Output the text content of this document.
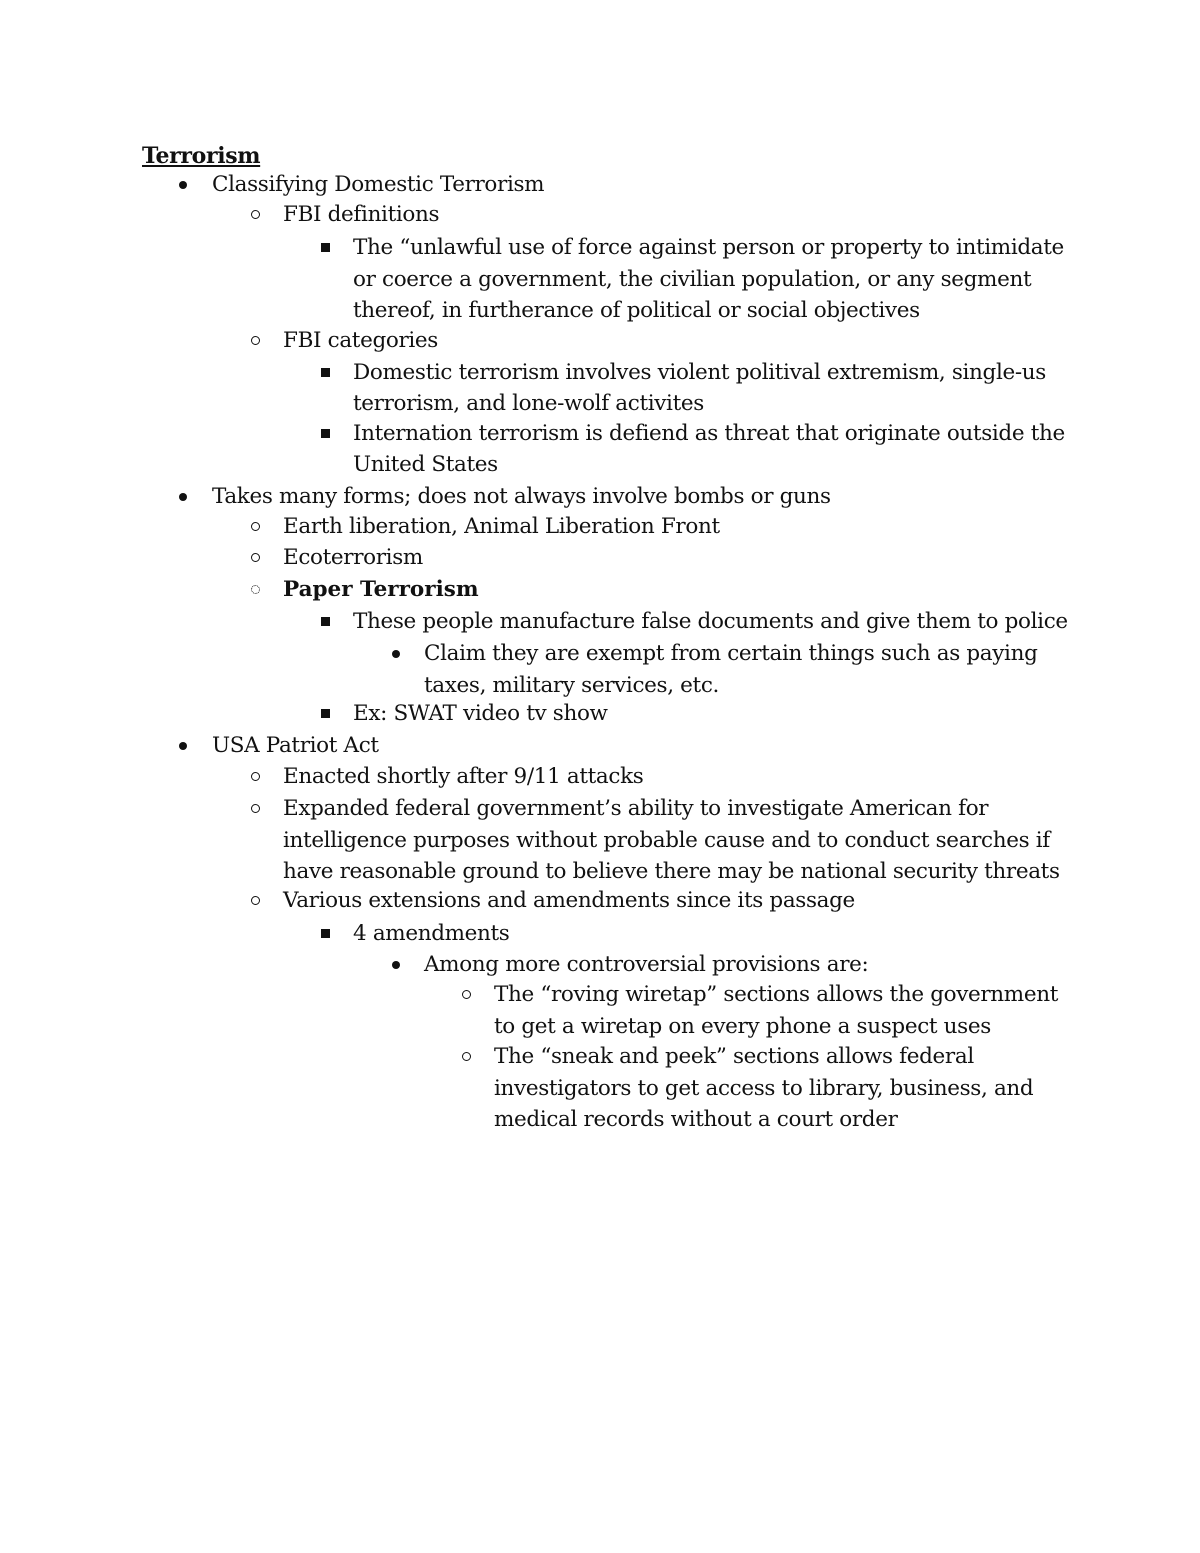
Terrorism
Classifying Domestic Terrorism
FBI definitions
The “unlawful use of force against person or property to intimidate
or coerce a government, the civilian population, or any segment
thereof, in furtherance of political or social objectives
FBI categories
Domestic terrorism involves violent politival extremism, single-us
terrorism, and lone-wolf activites
Internation terrorism is defiend as threat that originate outside the
United States
Takes many forms; does not always involve bombs or guns
Earth liberation, Animal Liberation Front
Ecoterrorism
Paper Terrorism
These people manufacture false documents and give them to police
Claim they are exempt from certain things such as paying
taxes, military services, etc.
Ex: SWAT video tv show
USA Patriot Act
Enacted shortly after 9/11 attacks
Expanded federal government’s ability to investigate American for
intelligence purposes without probable cause and to conduct searches if
have reasonable ground to believe there may be national security threats
Various extensions and amendments since its passage
4 amendments
Among more controversial provisions are:
The “roving wiretap” sections allows the government
to get a wiretap on every phone a suspect uses
The “sneak and peek” sections allows federal
investigators to get access to library, business, and
medical records without a court order
